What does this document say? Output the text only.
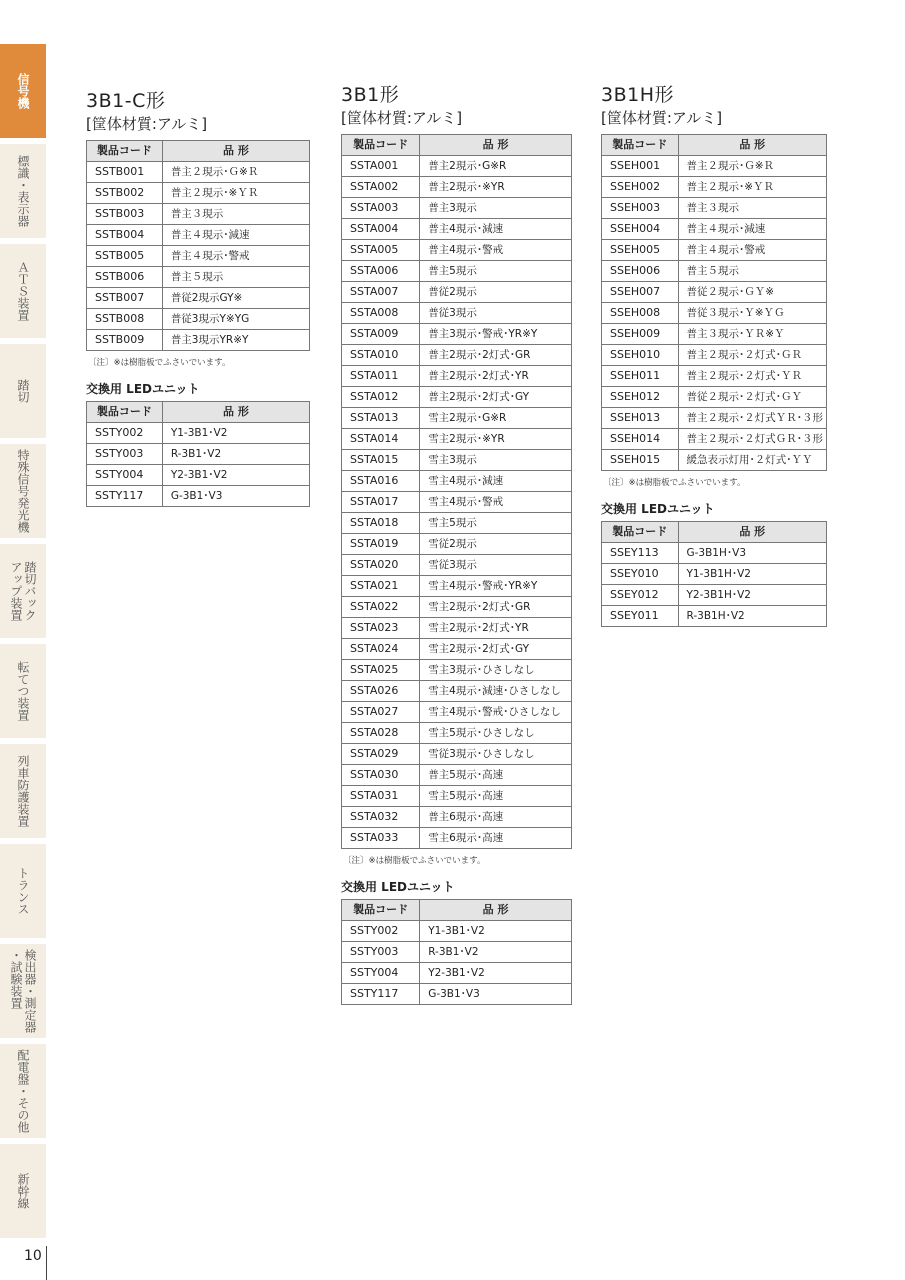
信号機
標識・表示器
ＡＴＳ装置
踏切
特殊信号発光機
踏切バック
アップ装置
転てつ装置
列車防護装置
トランス
検出器・測定器
・試験装置
配電盤・その他
新幹線
10
3B1-C形
[筐体材質:アルミ]
製品コード	品 形
SSTB001	普主２現示･Ｇ※Ｒ
SSTB002	普主２現示･※ＹＲ
SSTB003	普主３現示
SSTB004	普主４現示･減速
SSTB005	普主４現示･警戒
SSTB006	普主５現示
SSTB007	普従2現示GY※
SSTB008	普従3現示Y※YG
SSTB009	普主3現示YR※Y
〔注〕※は樹脂板でふさいでいます。
交換用 LEDユニット
製品コード	品 形
SSTY002	Y1-3B1･V2
SSTY003	R-3B1･V2
SSTY004	Y2-3B1･V2
SSTY117	G-3B1･V3
3B1形
[筐体材質:アルミ]
製品コード	品 形
SSTA001	普主2現示･G※R
SSTA002	普主2現示･※YR
SSTA003	普主3現示
SSTA004	普主4現示･減速
SSTA005	普主4現示･警戒
SSTA006	普主5現示
SSTA007	普従2現示
SSTA008	普従3現示
SSTA009	普主3現示･警戒･YR※Y
SSTA010	普主2現示･2灯式･GR
SSTA011	普主2現示･2灯式･YR
SSTA012	普主2現示･2灯式･GY
SSTA013	雪主2現示･G※R
SSTA014	雪主2現示･※YR
SSTA015	雪主3現示
SSTA016	雪主4現示･減速
SSTA017	雪主4現示･警戒
SSTA018	雪主5現示
SSTA019	雪従2現示
SSTA020	雪従3現示
SSTA021	雪主4現示･警戒･YR※Y
SSTA022	雪主2現示･2灯式･GR
SSTA023	雪主2現示･2灯式･YR
SSTA024	雪主2現示･2灯式･GY
SSTA025	雪主3現示･ひさしなし
SSTA026	雪主4現示･減速･ひさしなし
SSTA027	雪主4現示･警戒･ひさしなし
SSTA028	雪主5現示･ひさしなし
SSTA029	雪従3現示･ひさしなし
SSTA030	普主5現示･高速
SSTA031	雪主5現示･高速
SSTA032	普主6現示･高速
SSTA033	雪主6現示･高速
〔注〕※は樹脂板でふさいでいます。
交換用 LEDユニット
製品コード	品 形
SSTY002	Y1-3B1･V2
SSTY003	R-3B1･V2
SSTY004	Y2-3B1･V2
SSTY117	G-3B1･V3
3B1H形
[筐体材質:アルミ]
製品コード	品 形
SSEH001	普主２現示･Ｇ※Ｒ
SSEH002	普主２現示･※ＹＲ
SSEH003	普主３現示
SSEH004	普主４現示･減速
SSEH005	普主４現示･警戒
SSEH006	普主５現示
SSEH007	普従２現示･ＧＹ※
SSEH008	普従３現示･Ｙ※ＹＧ
SSEH009	普主３現示･ＹＲ※Ｙ
SSEH010	普主２現示･２灯式･ＧＲ
SSEH011	普主２現示･２灯式･ＹＲ
SSEH012	普従２現示･２灯式･ＧＹ
SSEH013	普主２現示･２灯式ＹＲ･３形
SSEH014	普主２現示･２灯式ＧＲ･３形
SSEH015	緩急表示灯用･２灯式･ＹＹ
〔注〕※は樹脂板でふさいでいます。
交換用 LEDユニット
製品コード	品 形
SSEY113	G-3B1H･V3
SSEY010	Y1-3B1H･V2
SSEY012	Y2-3B1H･V2
SSEY011	R-3B1H･V2
